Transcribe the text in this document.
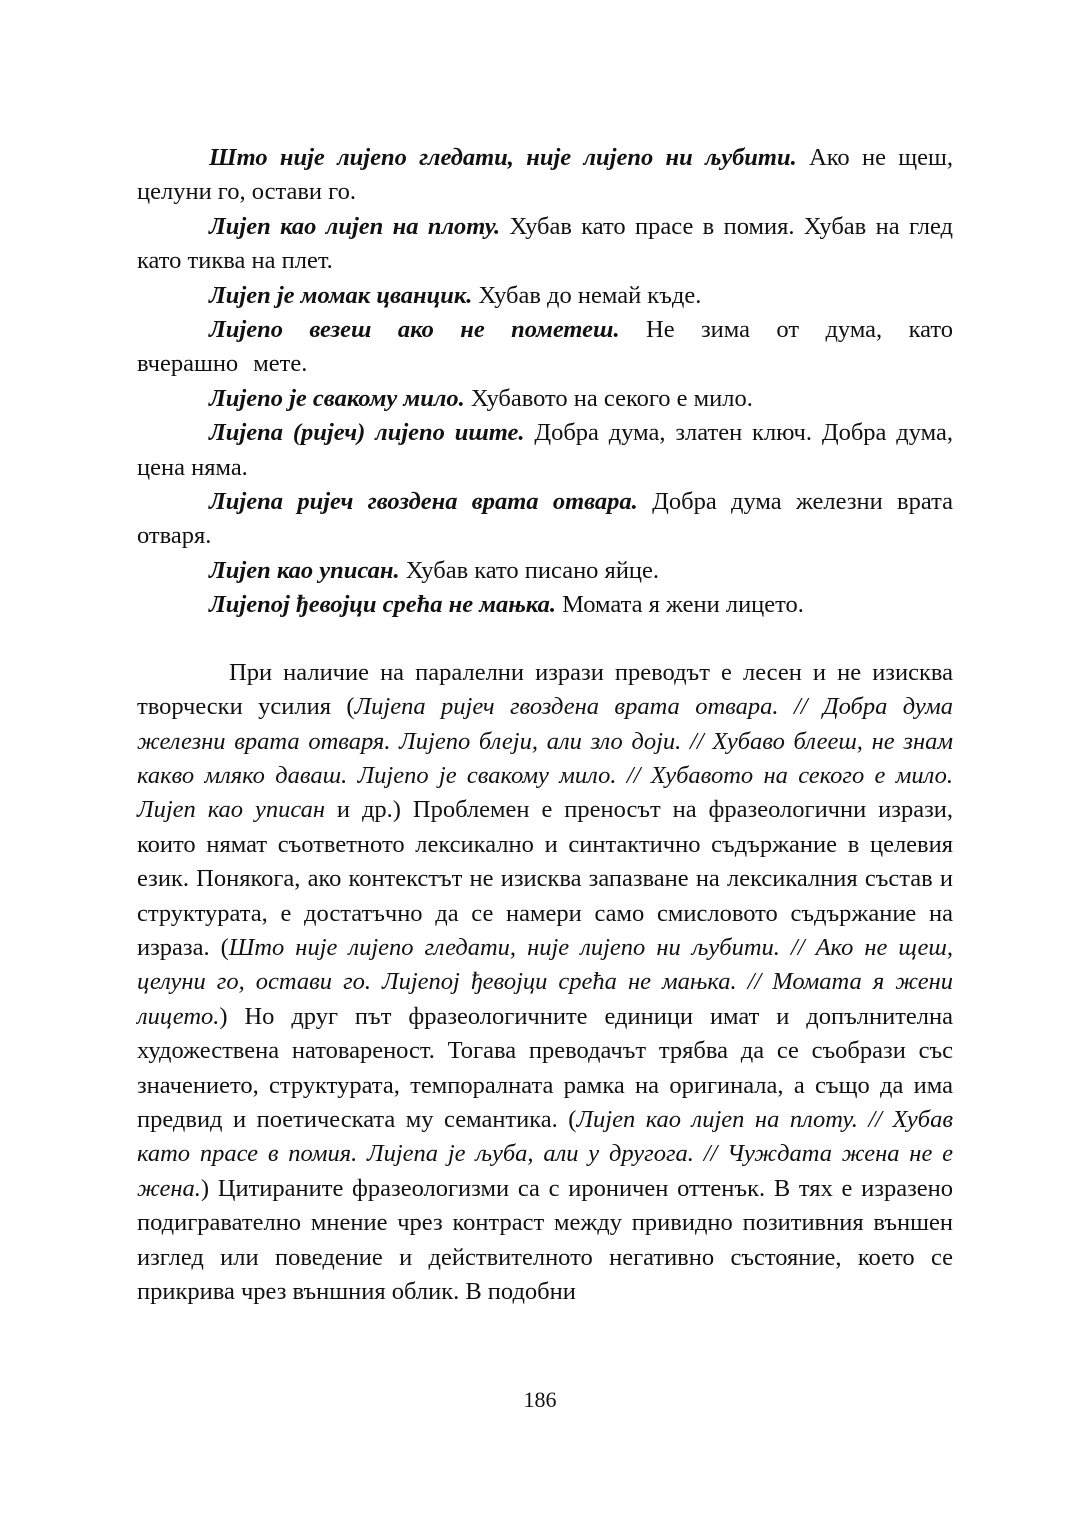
Што није лијепо гледати, није лијепо ни љубити. Ако не щеш, целуни го, остави го.

Лијеп као лијеп на плоту. Хубав като прасе в помия. Хубав на глед като тиква на плет.

Лијеп је момак цванцик. Хубав до немай къде.

Лијепо везеш ако не пометеш. Не зима от дума, като вчерашно мете.

Лијепо је свакому мило. Хубавото на секого е мило.

Лијепа (ријеч) лијепо иште. Добра дума, златен ключ. Добра дума, цена няма.

Лијепа ријеч гвоздена врата отвара. Добра дума железни врата отваря.

Лијеп као уписан. Хубав като писано яйце.

Лијепој ђевојци срећа не мањка. Момата я жени лицето.

При наличие на паралелни изрази преводът е лесен и не изисква творчески усилия (Лијепа ријеч гвоздена врата отвара. // Добра дума железни врата отваря. Лијепо блеји, али зло доји. // Хубаво блееш, не знам какво мляко даваш. Лијепо је свакому мило. // Хубавото на секого е мило. Лијеп као уписан и др.) Проблемен е преносът на фразеологични изрази, които нямат съответното лексикално и синтактично съдържание в целевия език. Понякога, ако контекстът не изисква запазване на лексикалния състав и структурата, е достатъчно да се намери само смисловото съдържание на израза. (Што није лијепо гледати, није лијепо ни љубити. // Ако не щеш, целуни го, остави го. Лијепој ђевојци срећа не мањка. // Момата я жени лицето.) Но друг път фразеологичните единици имат и допълнителна художествена натовареност. Тогава преводачът трябва да се съобрази със значението, структурата, темпоралната рамка на оригинала, а също да има предвид и поетическата му семантика. (Лијеп као лијеп на плоту. // Хубав като прасе в помия. Лијепа је љуба, али у другога. // Чуждата жена не е жена.) Цитираните фразеологизми са с ироничен оттенък. В тях е изразено подигравателно мнение чрез контраст между привидно позитивния външен изглед или поведение и действителното негативно състояние, което се прикрива чрез външния облик. В подобни

186
